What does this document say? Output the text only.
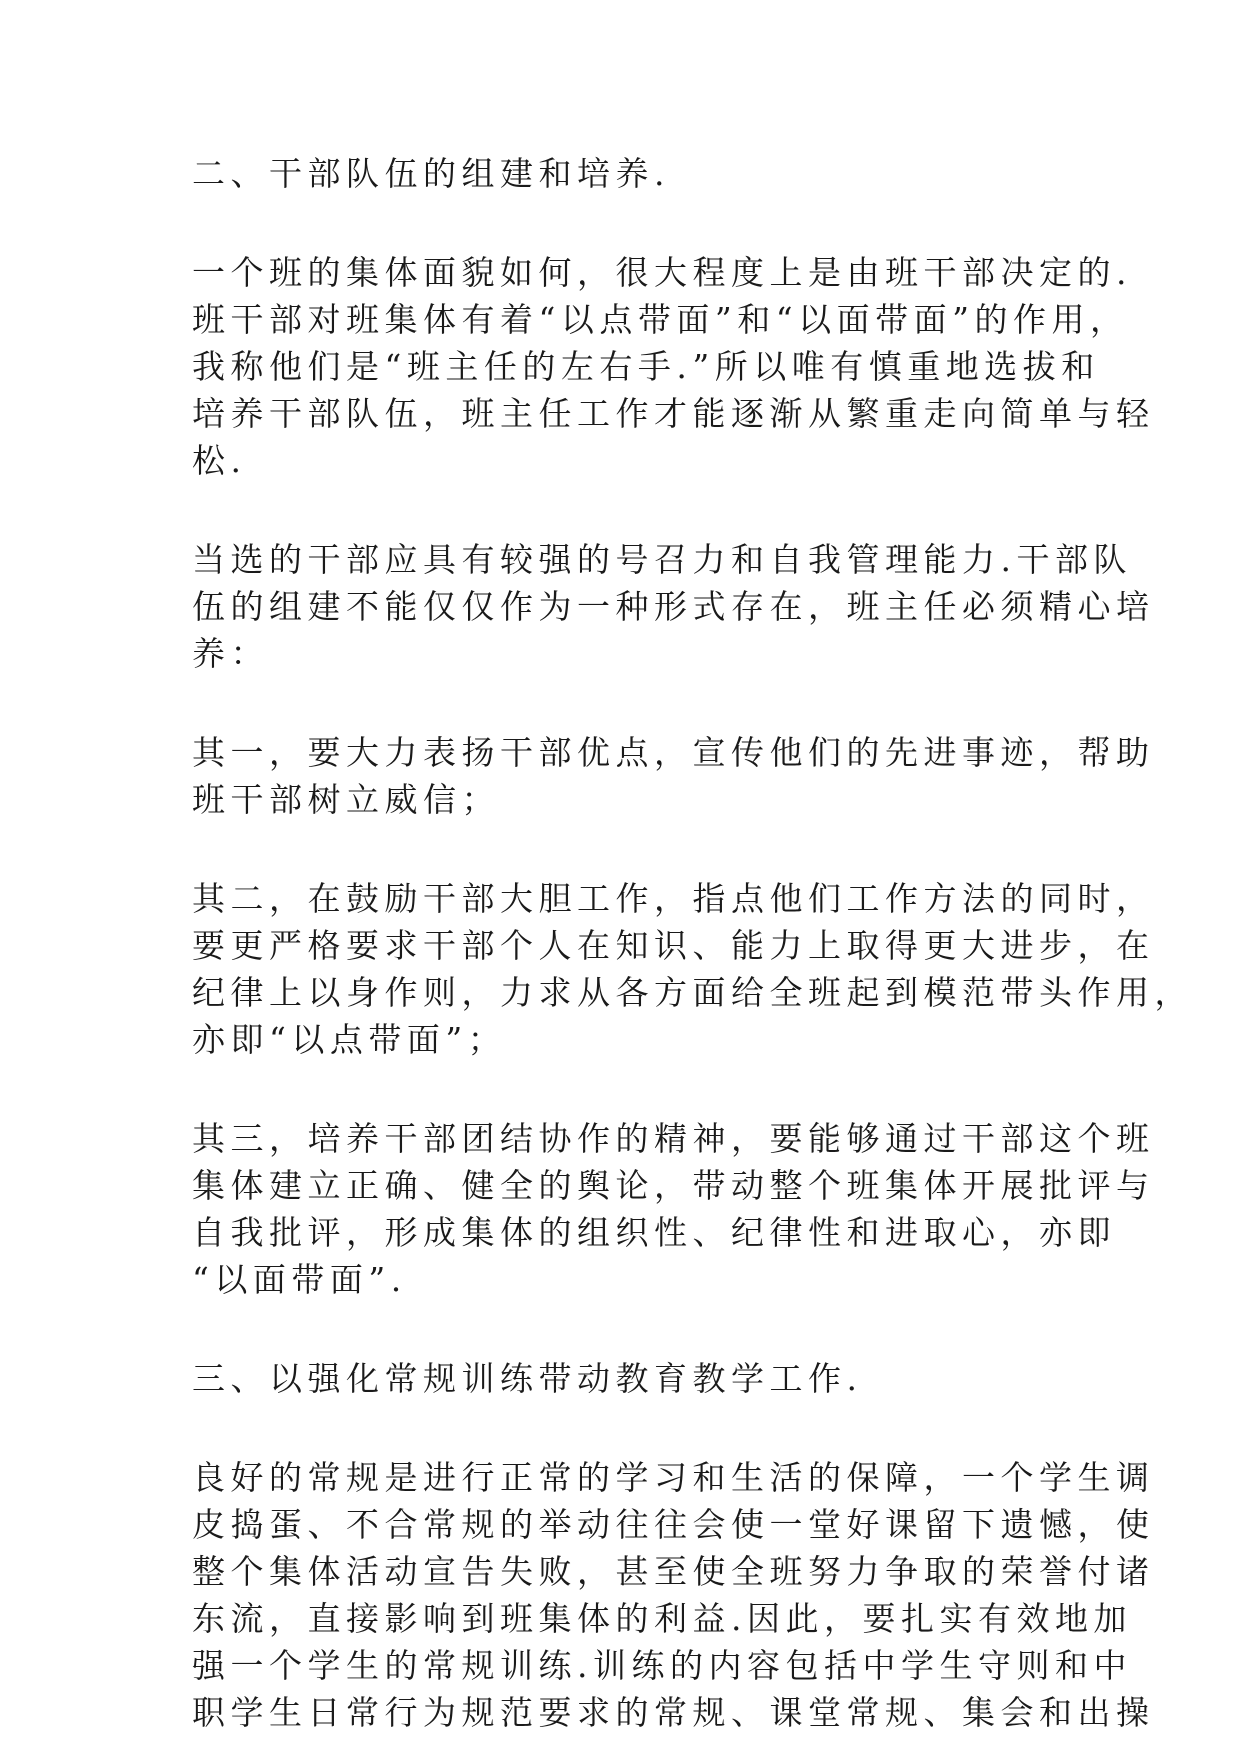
二、干部队伍的组建和培养.

一个班的集体面貌如何，很大程度上是由班干部决定的.
班干部对班集体有着“以点带面”和“以面带面”的作用，
我称他们是“班主任的左右手.”所以唯有慎重地选拔和
培养干部队伍，班主任工作才能逐渐从繁重走向简单与轻
松.

当选的干部应具有较强的号召力和自我管理能力.干部队
伍的组建不能仅仅作为一种形式存在，班主任必须精心培
养：

其一，要大力表扬干部优点，宣传他们的先进事迹，帮助
班干部树立威信；

其二，在鼓励干部大胆工作，指点他们工作方法的同时，
要更严格要求干部个人在知识、能力上取得更大进步，在
纪律上以身作则，力求从各方面给全班起到模范带头作用，
亦即“以点带面”；

其三，培养干部团结协作的精神，要能够通过干部这个班
集体建立正确、健全的舆论，带动整个班集体开展批评与
自我批评，形成集体的组织性、纪律性和进取心，亦即
“以面带面”.

三、以强化常规训练带动教育教学工作.

良好的常规是进行正常的学习和生活的保障，一个学生调
皮捣蛋、不合常规的举动往往会使一堂好课留下遗憾，使
整个集体活动宣告失败，甚至使全班努力争取的荣誉付诸
东流，直接影响到班集体的利益.因此，要扎实有效地加
强一个学生的常规训练.训练的内容包括中学生守则和中
职学生日常行为规范要求的常规、课堂常规、集会和出操
